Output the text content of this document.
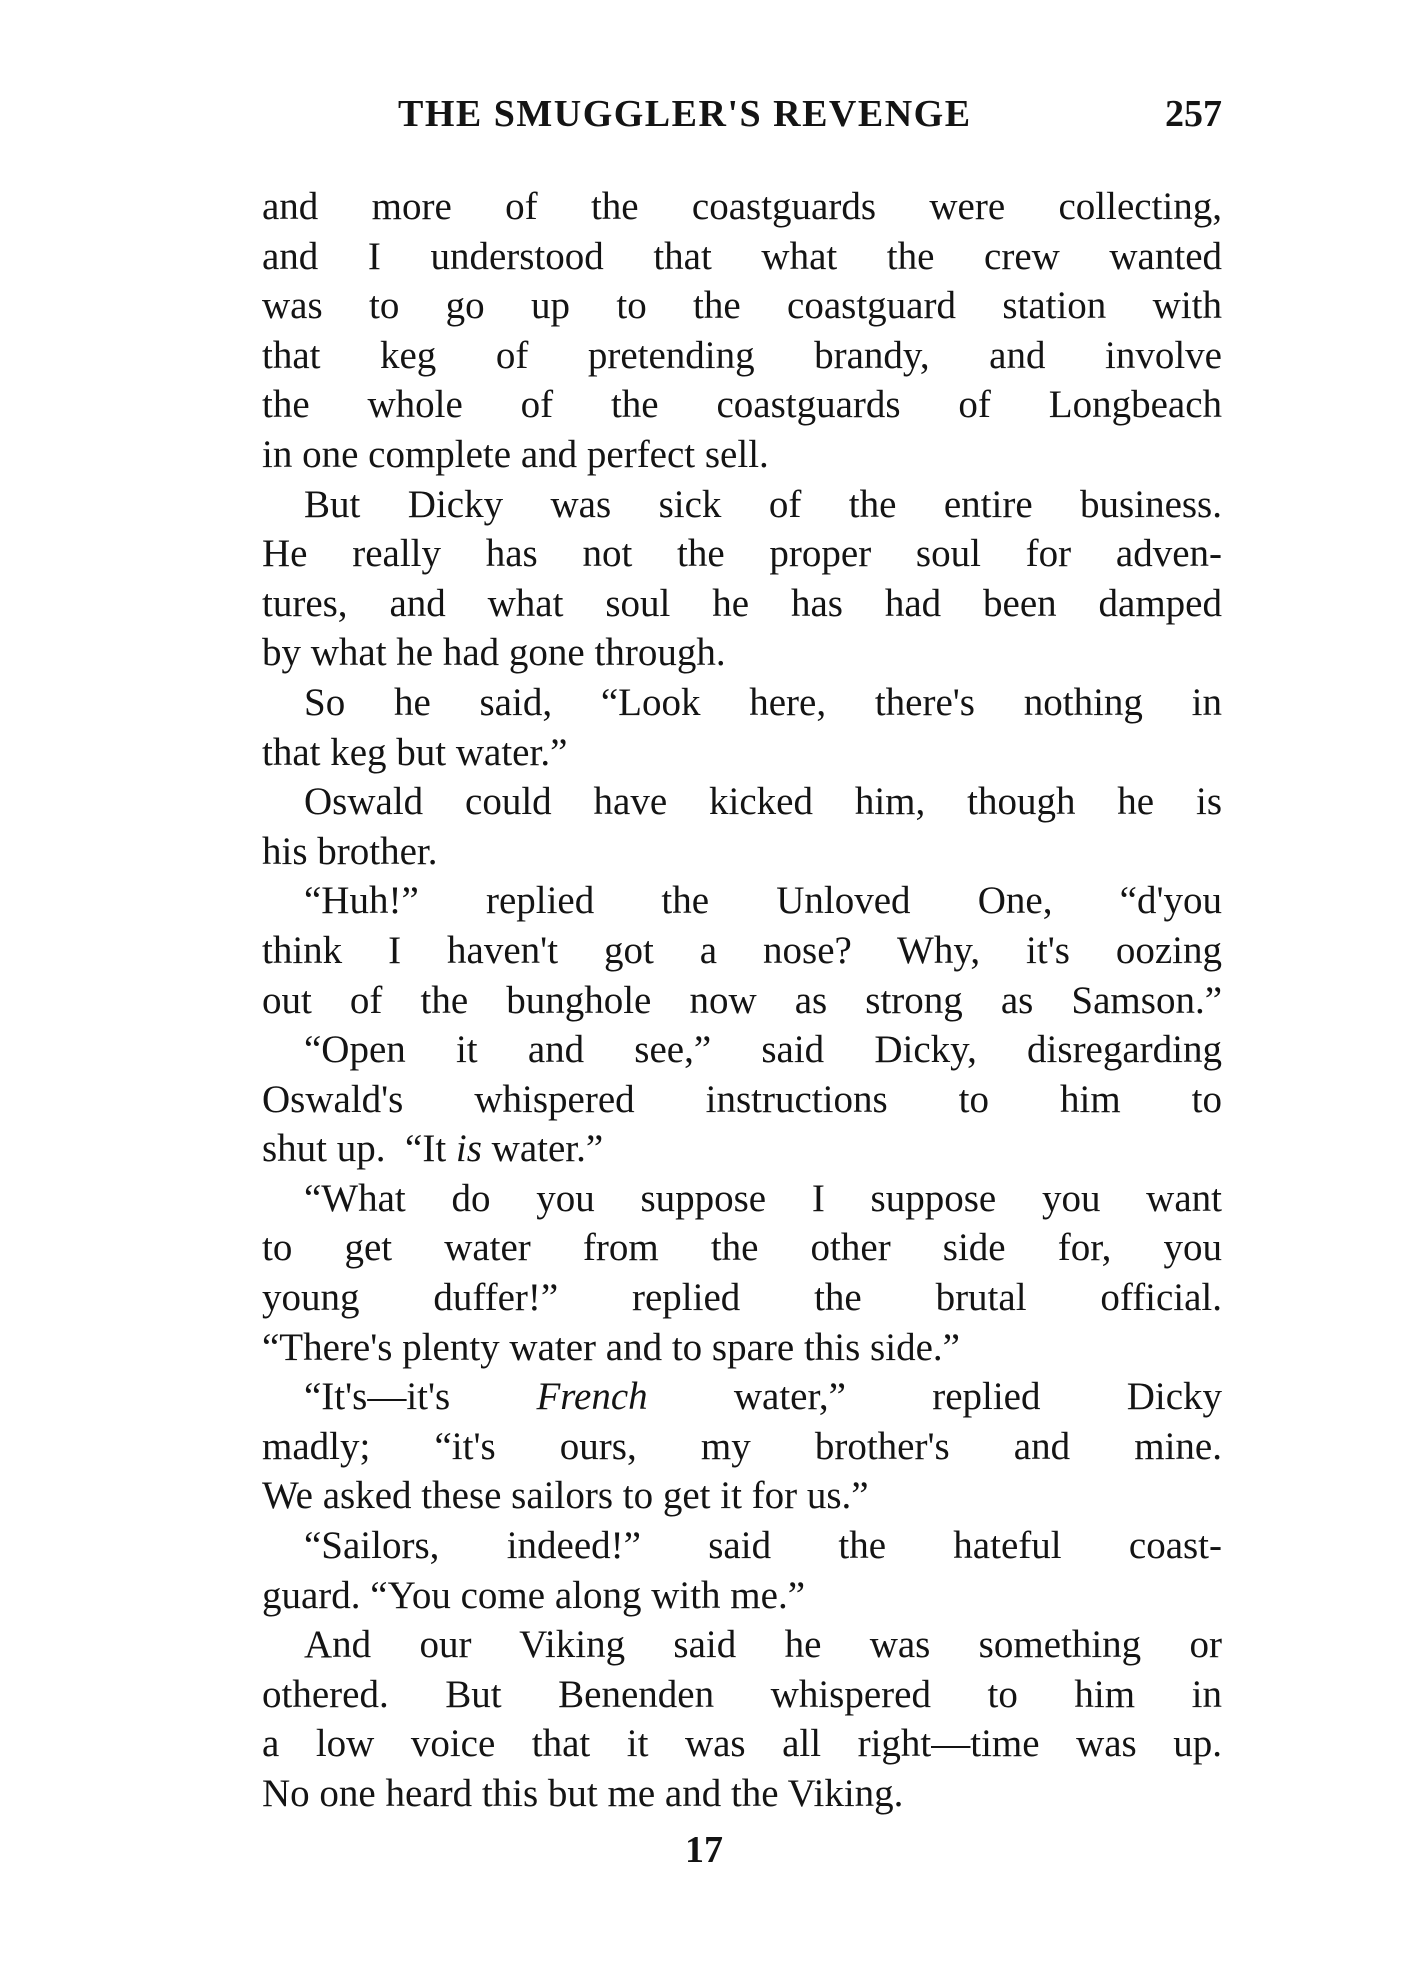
THE SMUGGLER'S REVENGE	257
and more of the coastguards were collecting,
and I understood that what the crew wanted
was to go up to the coastguard station with
that keg of pretending brandy, and involve
the whole of the coastguards of Longbeach
in one complete and perfect sell.
But Dicky was sick of the entire business.
He really has not the proper soul for adven-
tures, and what soul he has had been damped
by what he had gone through.
So he said, “Look here, there's nothing in
that keg but water.”
Oswald could have kicked him, though he is
his brother.
“Huh!” replied the Unloved One, “d'you
think I haven't got a nose? Why, it's oozing
out of the bunghole now as strong as Samson.”
“Open it and see,” said Dicky, disregarding
Oswald's whispered instructions to him to
shut up. “It is water.”
“What do you suppose I suppose you want
to get water from the other side for, you
young duffer!” replied the brutal official.
“There's plenty water and to spare this side.”
“It's—it's French water,” replied Dicky
madly; “it's ours, my brother's and mine.
We asked these sailors to get it for us.”
“Sailors, indeed!” said the hateful coast-
guard. “You come along with me.”
And our Viking said he was something or
othered. But Benenden whispered to him in
a low voice that it was all right—time was up.
No one heard this but me and the Viking.
17
